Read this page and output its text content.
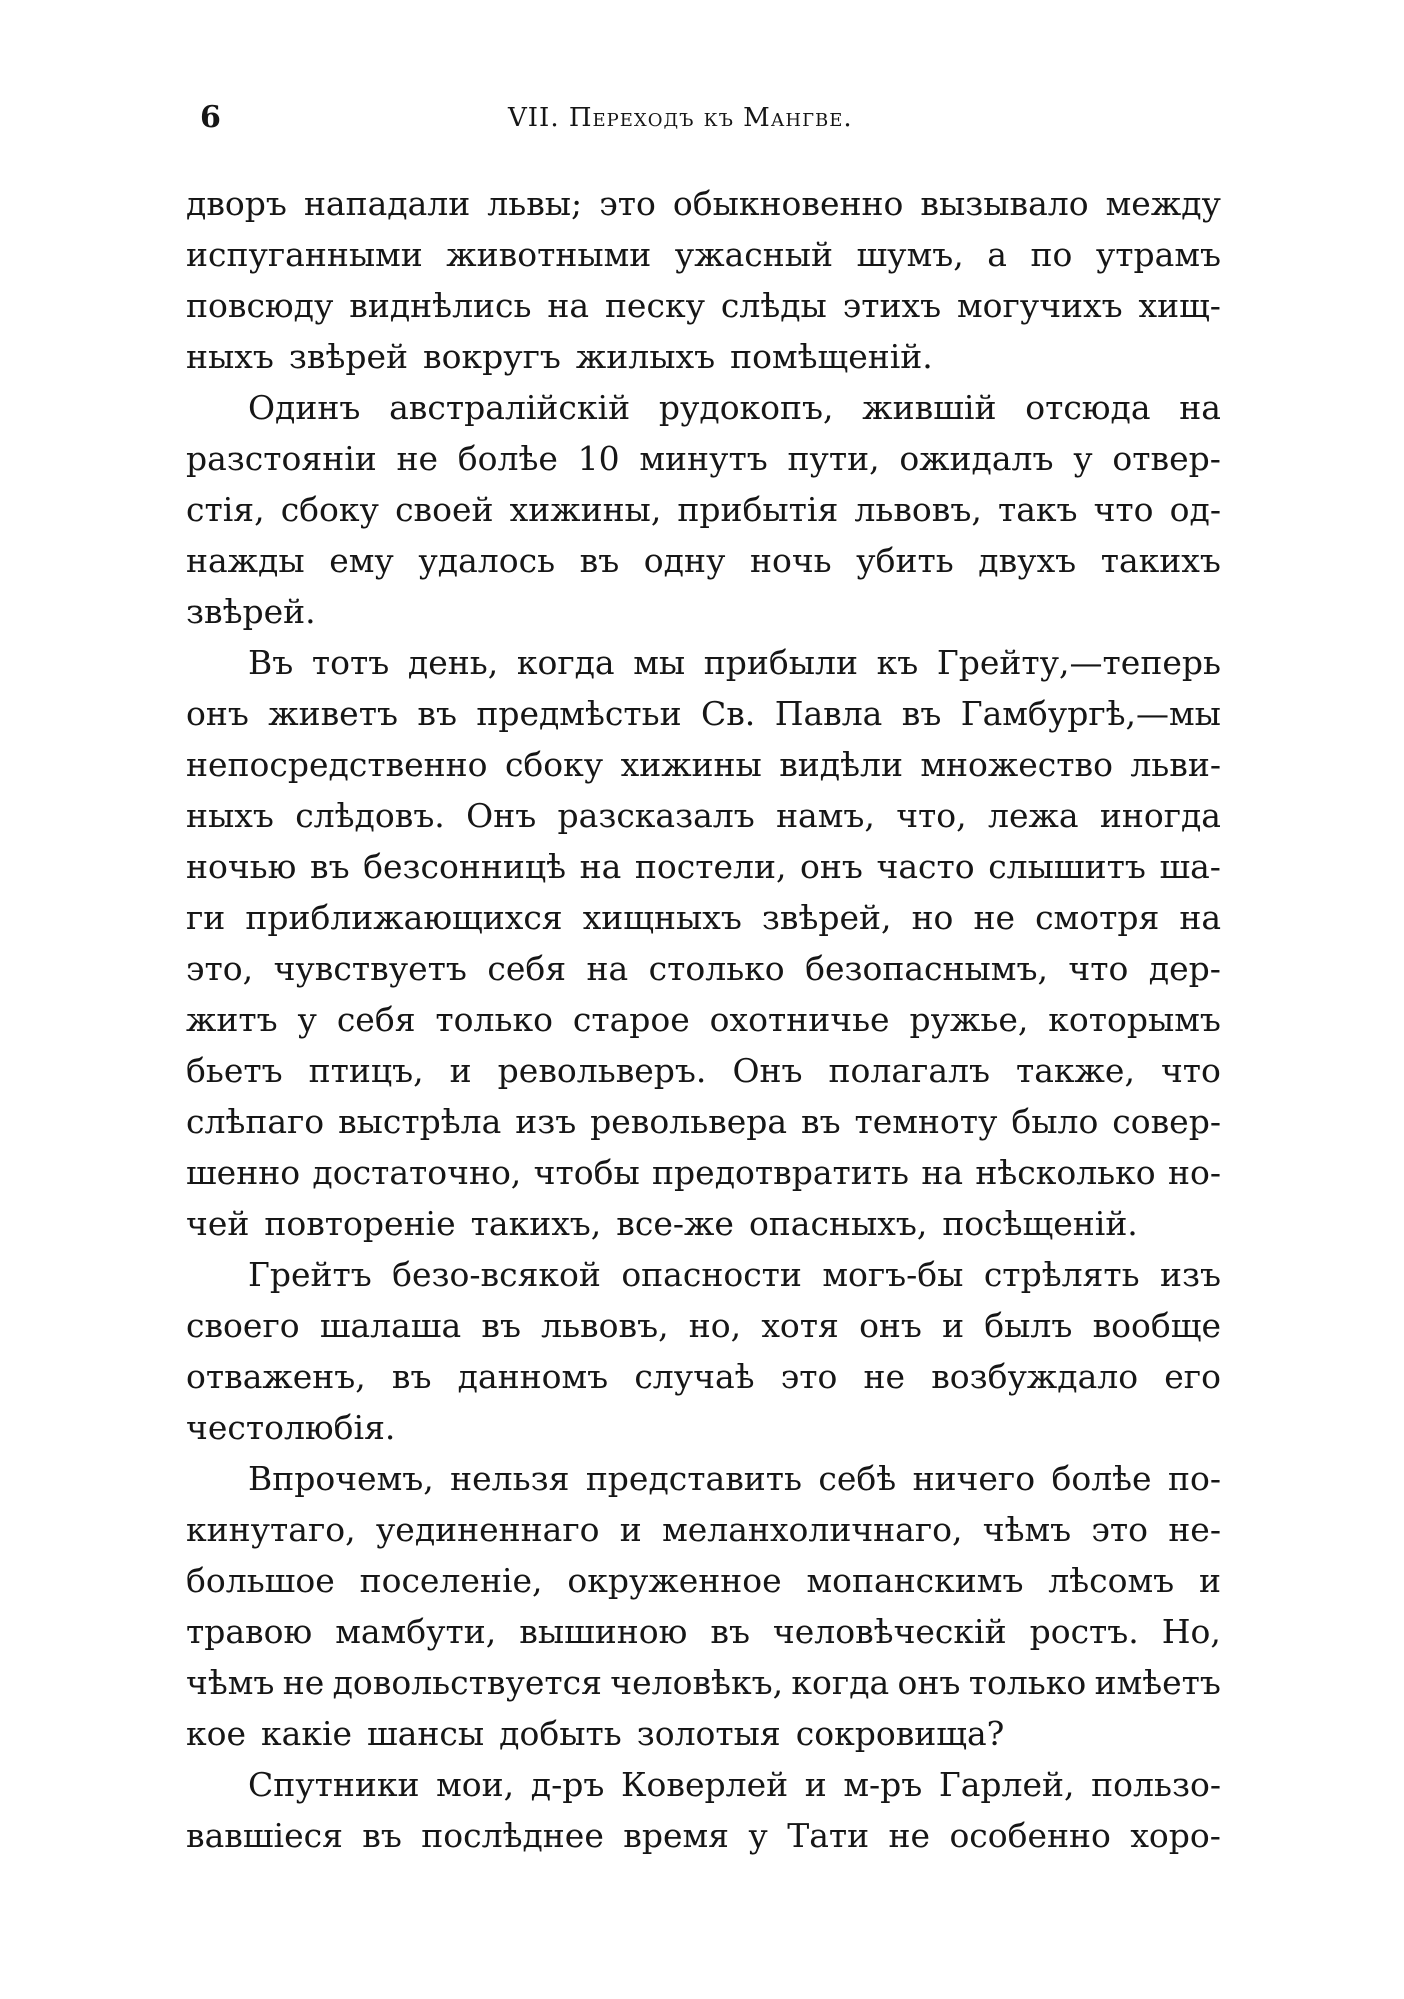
6	VII. Переходъ къ Мангве.
дворъ нападали львы; это обыкновенно вызывало между
испуганными животными ужасный шумъ, а по утрамъ
повсюду виднѣлись на песку слѣды этихъ могучихъ хищ-
ныхъ звѣрей вокругъ жилыхъ помѣщеній.
Одинъ австралійскій рудокопъ, жившій отсюда на
разстояніи не болѣе 10 минутъ пути, ожидалъ у отвер-
стія, сбоку своей хижины, прибытія львовъ, такъ что од-
нажды ему удалось въ одну ночь убить двухъ такихъ
звѣрей.
Въ тотъ день, когда мы прибыли къ Грейту,—теперь
онъ живетъ въ предмѣстьи Св. Павла въ Гамбургѣ,—мы
непосредственно сбоку хижины видѣли множество льви-
ныхъ слѣдовъ. Онъ разсказалъ намъ, что, лежа иногда
ночью въ безсонницѣ на постели, онъ часто слышитъ ша-
ги приближающихся хищныхъ звѣрей, но не смотря на
это, чувствуетъ себя на столько безопаснымъ, что дер-
житъ у себя только старое охотничье ружье, которымъ
бьетъ птицъ, и револьверъ. Онъ полагалъ также, что
слѣпаго выстрѣла изъ револьвера въ темноту было совер-
шенно достаточно, чтобы предотвратить на нѣсколько но-
чей повтореніе такихъ, все-же опасныхъ, посѣщеній.
Грейтъ безо-всякой опасности могъ-бы стрѣлять изъ
своего шалаша въ львовъ, но, хотя онъ и былъ вообще
отваженъ, въ данномъ случаѣ это не возбуждало его
честолюбія.
Впрочемъ, нельзя представить себѣ ничего болѣе по-
кинутаго, уединеннаго и меланхоличнаго, чѣмъ это не-
большое поселеніе, окруженное мопанскимъ лѣсомъ и
травою мамбути, вышиною въ человѣческій ростъ. Но,
чѣмъ не довольствуется человѣкъ, когда онъ только имѣетъ
кое какіе шансы добыть золотыя сокровища?
Спутники мои, д-ръ Коверлей и м-ръ Гарлей, пользо-
вавшіеся въ послѣднее время у Тати не особенно хоро-
